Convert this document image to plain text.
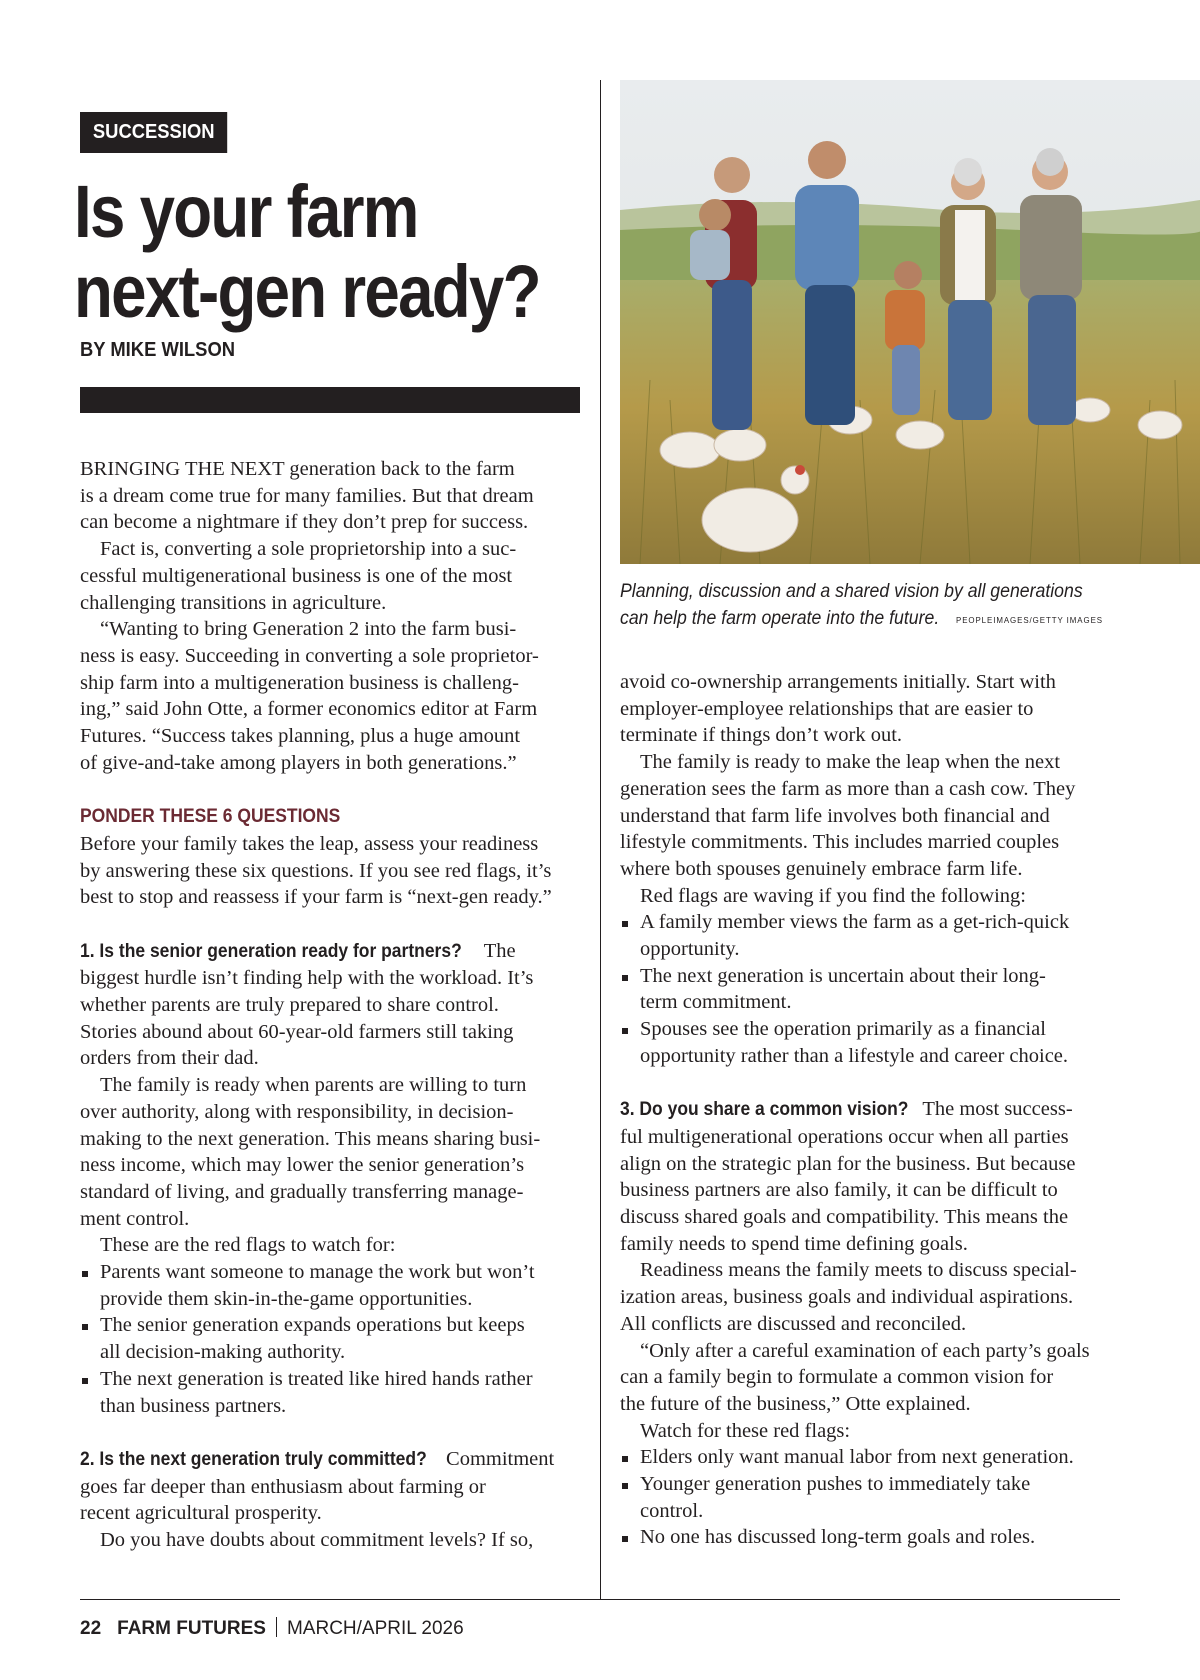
SUCCESSION
Is your farm
next-gen ready?
BY MIKE WILSON

BRINGING THE NEXT generation back to the farm

is a dream come true for many families. But that dream

can become a nightmare if they don’t prep for success.

Fact is, converting a sole proprietorship into a suc-

cessful multigenerational business is one of the most

challenging transitions in agriculture.

“Wanting to bring Generation 2 into the farm busi-

ness is easy. Succeeding in converting a sole proprietor-

ship farm into a multigeneration business is challeng-

ing,” said John Otte, a former economics editor at Farm

Futures. “Success takes planning, plus a huge amount

of give-and-take among players in both generations.”

PONDER THESE 6 QUESTIONS

Before your family takes the leap, assess your readiness

by answering these six questions. If you see red flags, it’s

best to stop and reassess if your farm is “next-gen ready.”

1. Is the senior generation ready for partners? The

biggest hurdle isn’t finding help with the workload. It’s

whether parents are truly prepared to share control.

Stories abound about 60-year-old farmers still taking

orders from their dad.

The family is ready when parents are willing to turn

over authority, along with responsibility, in decision-

making to the next generation. This means sharing busi-

ness income, which may lower the senior generation’s

standard of living, and gradually transferring manage-

ment control.

These are the red flags to watch for:

Parents want someone to manage the work but won’t

provide them skin-in-the-game opportunities.

The senior generation expands operations but keeps

all decision-making authority.

The next generation is treated like hired hands rather

than business partners.

2. Is the next generation truly committed? Commitment

goes far deeper than enthusiasm about farming or

recent agricultural prosperity.

Do you have doubts about commitment levels? If so,

Planning, discussion and a shared vision by all generations

can help the farm operate into the future. PEOPLEIMAGES/GETTY IMAGES

avoid co-ownership arrangements initially. Start with

employer-employee relationships that are easier to

terminate if things don’t work out.

The family is ready to make the leap when the next

generation sees the farm as more than a cash cow. They

understand that farm life involves both financial and

lifestyle commitments. This includes married couples

where both spouses genuinely embrace farm life.

Red flags are waving if you find the following:

A family member views the farm as a get-rich-quick

opportunity.

The next generation is uncertain about their long-

term commitment.

Spouses see the operation primarily as a financial

opportunity rather than a lifestyle and career choice.

3. Do you share a common vision? The most success-

ful multigenerational operations occur when all parties

align on the strategic plan for the business. But because

business partners are also family, it can be difficult to

discuss shared goals and compatibility. This means the

family needs to spend time defining goals.

Readiness means the family meets to discuss special-

ization areas, business goals and individual aspirations.

All conflicts are discussed and reconciled.

“Only after a careful examination of each party’s goals

can a family begin to formulate a common vision for

the future of the business,” Otte explained.

Watch for these red flags:

Elders only want manual labor from next generation.

Younger generation pushes to immediately take

control.

No one has discussed long-term goals and roles.

22 FARM FUTURES MARCH/APRIL 2026
